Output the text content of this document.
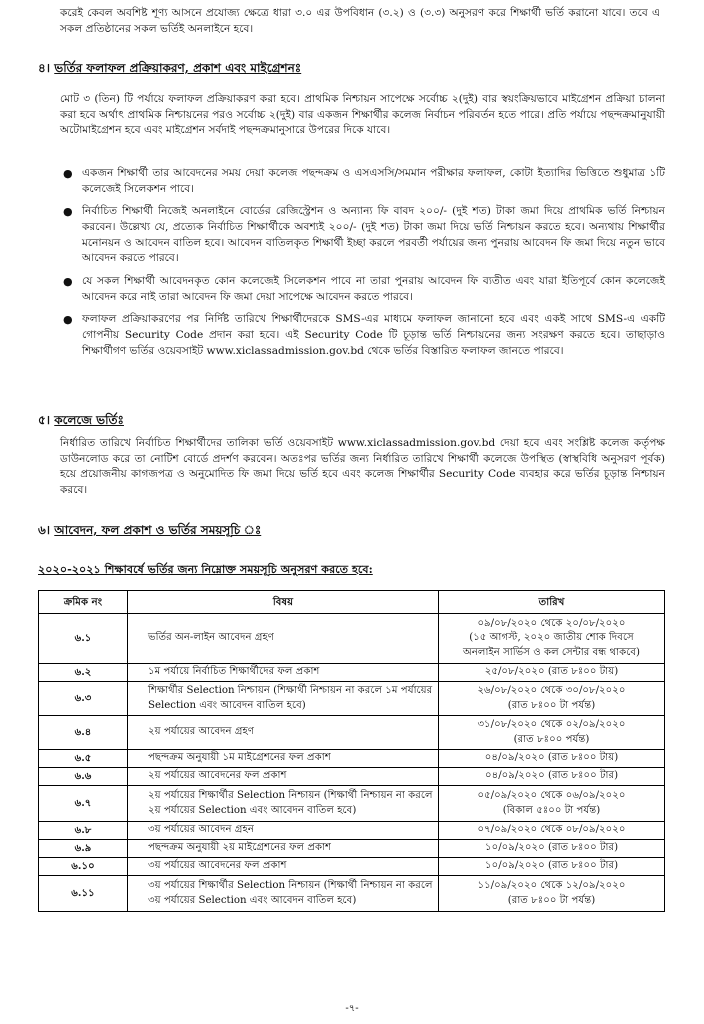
করেই কেবল অবশিষ্ট শূণ্য আসনে প্রযোজ্য ক্ষেত্রে ধারা ৩.০ এর উপবিধান (৩.২) ও (৩.৩) অনুসরণ করে শিক্ষার্থী ভর্তি করানো যাবে। তবে এ সকল প্রতিষ্ঠানের সকল ভর্তিই অনলাইনে হবে।

৪। ভর্তির ফলাফল প্রক্রিয়াকরণ, প্রকাশ এবং মাইগ্রেশনঃ

মোট ৩ (তিন) টি পর্যায়ে ফলাফল প্রক্রিয়াকরণ করা হবে। প্রাথমিক নিশ্চায়ন সাপেক্ষে সর্বোচ্চ ২(দুই) বার স্বয়ংক্রিয়ভাবে মাইগ্রেশন প্রক্রিয়া চালনা করা হবে অর্থাৎ প্রাথমিক নিশ্চায়নের পরও সর্বোচ্চ ২(দুই) বার একজন শিক্ষার্থীর কলেজ নির্বাচন পরিবর্তন হতে পারে। প্রতি পর্যায়ে পছন্দক্রমানুযায়ী অটোমাইগ্রেশন হবে এবং মাইগ্রেশন সর্বদাই পছন্দক্রমানুসারে উপরের দিকে যাবে।

● একজন শিক্ষার্থী তার আবেদনের সময় দেয়া কলেজ পছন্দক্রম ও এসএসসি/সমমান পরীক্ষার ফলাফল, কোটা ইত্যাদির ভিত্তিতে শুধুমাত্র ১টি কলেজেই সিলেকশন পাবে।
● নির্বাচিত শিক্ষার্থী নিজেই অনলাইনে বোর্ডের রেজিস্ট্রেশন ও অন্যান্য ফি বাবদ ২০০/- (দুই শত) টাকা জমা দিয়ে প্রাথমিক ভর্তি নিশ্চায়ন করবেন। উল্লেখ্য যে, প্রত্যেক নির্বাচিত শিক্ষার্থীকে অবশ্যই ২০০/- (দুই শত) টাকা জমা দিয়ে ভর্তি নিশ্চায়ন করতে হবে। অন্যথায় শিক্ষার্থীর মনোনয়ন ও আবেদন বাতিল হবে। আবেদন বাতিলকৃত শিক্ষার্থী ইচ্ছা করলে পরবর্তী পর্যায়ের জন্য পুনরায় আবেদন ফি জমা দিয়ে নতুন ভাবে আবেদন করতে পারবে।
● যে সকল শিক্ষার্থী আবেদনকৃত কোন কলেজেই সিলেকশন পাবে না তারা পুনরায় আবেদন ফি ব্যতীত এবং যারা ইতিপূর্বে কোন কলেজেই আবেদন করে নাই তারা আবেদন ফি জমা দেয়া সাপেক্ষে আবেদন করতে পারবে।
● ফলাফল প্রক্রিয়াকরণের পর নির্দিষ্ট তারিখে শিক্ষার্থীদেরকে SMS-এর মাধ্যমে ফলাফল জানানো হবে এবং একই সাথে SMS-এ একটি গোপনীয় Security Code প্রদান করা হবে। এই Security Code টি চূড়ান্ত ভর্তি নিশ্চায়নের জন্য সংরক্ষণ করতে হবে। তাছাড়াও শিক্ষার্থীগণ ভর্তির ওয়েবসাইট www.xiclassadmission.gov.bd থেকে ভর্তির বিস্তারিত ফলাফল জানতে পারবে।
৫। কলেজে ভর্তিঃ

নির্ধারিত তারিখে নির্বাচিত শিক্ষার্থীদের তালিকা ভর্তি ওয়েবসাইট www.xiclassadmission.gov.bd দেয়া হবে এবং সংশ্লিষ্ট কলেজ কর্তৃপক্ষ ডাউনলোড করে তা নোটিশ বোর্ডে প্রদর্শণ করবেন। অতঃপর ভর্তির জন্য নির্ধারিত তারিখে শিক্ষার্থী কলেজে উপস্থিত (স্বাস্থবিধি অনুসরণ পূর্বক) হয়ে প্রয়োজনীয় কাগজপত্র ও অনুমোদিত ফি জমা দিয়ে ভর্তি হবে এবং কলেজ শিক্ষার্থীর Security Code ব্যবহার করে ভর্তির চূড়ান্ত নিশ্চায়ন করবে।

৬। আবেদন, ফল প্রকাশ ও ভর্তির সময়সূচি ঃ
২০২০-২০২১ শিক্ষাবর্ষে ভর্তির জন্য নিম্নোক্ত সময়সূচি অনুসরণ করতে হবে:
ক্রমিক নং	বিষয়	তারিখ
৬.১	ভর্তির অন-লাইন আবেদন গ্রহণ	০৯/০৮/২০২০ থেকে ২০/০৮/২০২০
(১৫ আগস্ট, ২০২০ জাতীয় শোক দিবসে
অনলাইন সার্ভিস ও কল সেন্টার বন্ধ থাকবে)

৬.২	১ম পর্যায়ে নির্বাচিত শিক্ষার্থীদের ফল প্রকাশ	২৫/০৮/২০২০ (রাত ৮ঃ০০ টায়)

৬.৩	শিক্ষার্থীর Selection নিশ্চায়ন (শিক্ষার্থী নিশ্চায়ন না করলে ১ম পর্যায়ের Selection এবং আবেদন বাতিল হবে)	২৬/০৮/২০২০ থেকে ৩০/০৮/২০২০
(রাত ৮ঃ০০ টা পর্যন্ত)

৬.৪	২য় পর্যায়ের আবেদন গ্রহণ	৩১/০৮/২০২০ থেকে ০২/০৯/২০২০
(রাত ৮ঃ০০ পর্যন্ত)

৬.৫	পছন্দক্রম অনুযায়ী ১ম মাইগ্রেশনের ফল প্রকাশ	০৪/০৯/২০২০ (রাত ৮ঃ০০ টায়)

৬.৬	২য় পর্যায়ের আবেদনের ফল প্রকাশ	০৪/০৯/২০২০ (রাত ৮ঃ০০ টার)

৬.৭	২য় পর্যায়ের শিক্ষার্থীর Selection নিশ্চায়ন (শিক্ষার্থী নিশ্চায়ন না করলে ২য় পর্যায়ের Selection এবং আবেদন বাতিল হবে)	০৫/০৯/২০২০ থেকে ০৬/০৯/২০২০
(বিকাল ৫ঃ০০ টা পর্যন্ত)

৬.৮	৩য় পর্যায়ের আবেদন গ্রহন	০৭/০৯/২০২০ থেকে ০৮/০৯/২০২০

৬.৯	পছন্দক্রম অনুযায়ী ২য় মাইগ্রেশনের ফল প্রকাশ	১০/০৯/২০২০ (রাত ৮ঃ০০ টার)

৬.১০	৩য় পর্যায়ের আবেদনের ফল প্রকাশ	১০/০৯/২০২০ (রাত ৮ঃ০০ টার)

৬.১১	৩য় পর্যায়ের শিক্ষার্থীর Selection নিশ্চায়ন (শিক্ষার্থী নিশ্চায়ন না করলে ৩য় পর্যায়ের Selection এবং আবেদন বাতিল হবে)	১১/০৯/২০২০ থেকে ১২/০৯/২০২০
(রাত ৮ঃ০০ টা পর্যন্ত)
-৭-
